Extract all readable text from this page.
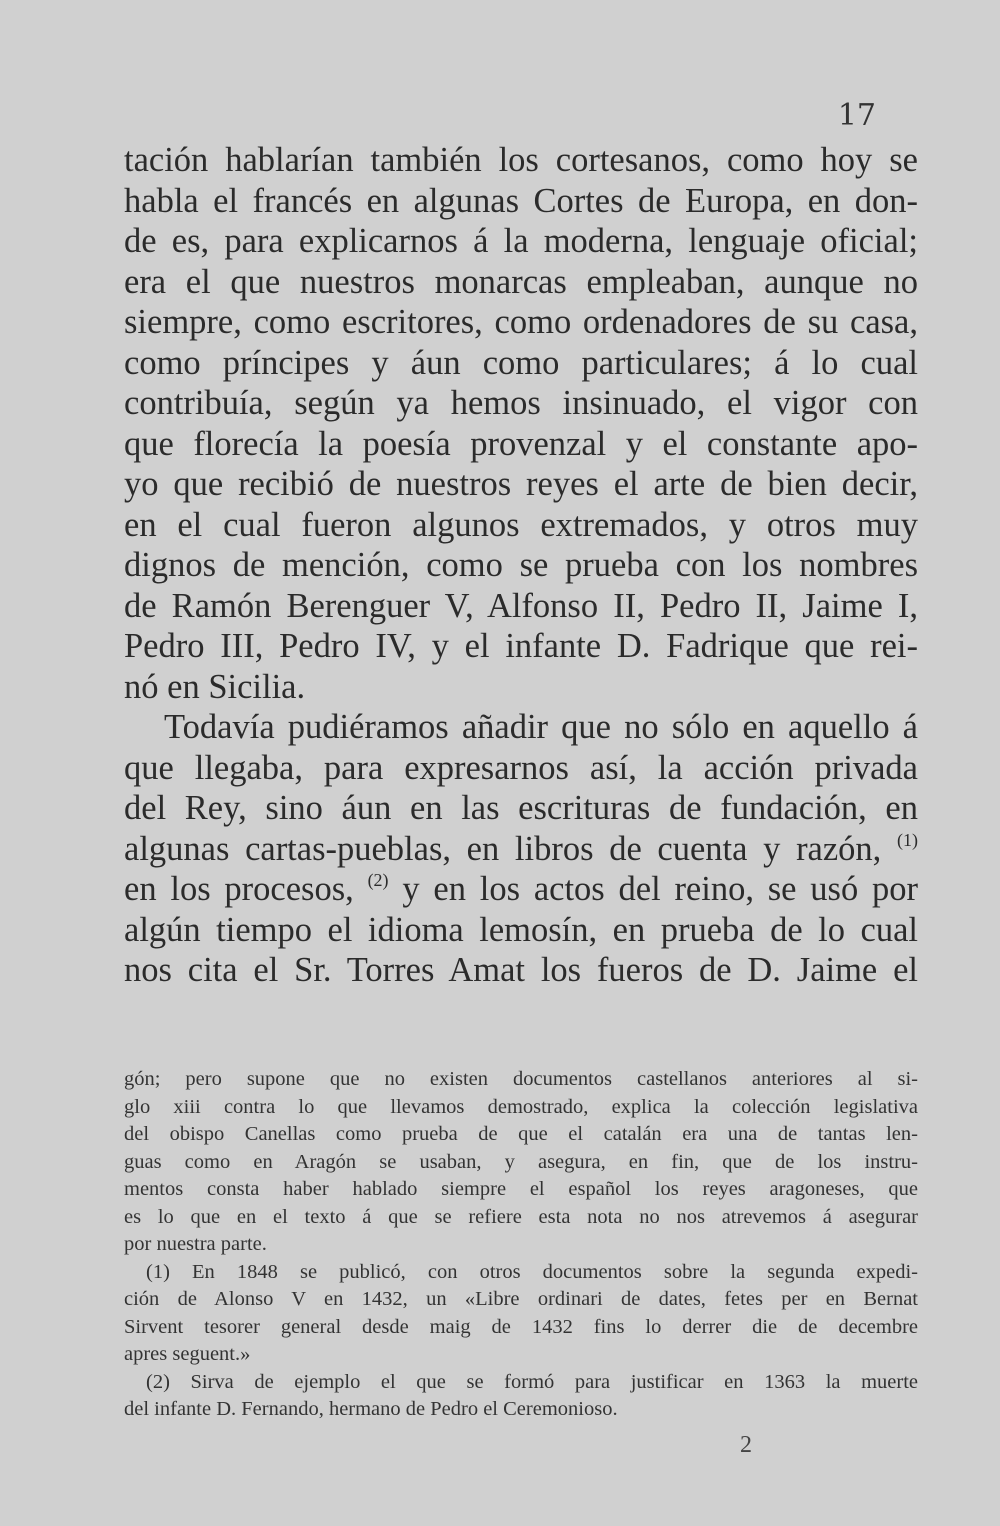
17
tación hablarían también los cortesanos, como hoy se
habla el francés en algunas Cortes de Europa, en don-
de es, para explicarnos á la moderna, lenguaje oficial;
era el que nuestros monarcas empleaban, aunque no
siempre, como escritores, como ordenadores de su casa,
como príncipes y áun como particulares; á lo cual
contribuía, según ya hemos insinuado, el vigor con
que florecía la poesía provenzal y el constante apo-
yo que recibió de nuestros reyes el arte de bien decir,
en el cual fueron algunos extremados, y otros muy
dignos de mención, como se prueba con los nombres
de Ramón Berenguer V, Alfonso II, Pedro II, Jaime I,
Pedro III, Pedro IV, y el infante D. Fadrique que rei-
nó en Sicilia.
Todavía pudiéramos añadir que no sólo en aquello á
que llegaba, para expresarnos así, la acción privada
del Rey, sino áun en las escrituras de fundación, en
algunas cartas-pueblas, en libros de cuenta y razón, $^{(1)}$
en los procesos, $^{(2)}$ y en los actos del reino, se usó por
algún tiempo el idioma lemosín, en prueba de lo cual
nos cita el Sr. Torres Amat los fueros de D. Jaime el
gón; pero supone que no existen documentos castellanos anteriores al si-
glo xiii contra lo que llevamos demostrado, explica la colección legislativa
del obispo Canellas como prueba de que el catalán era una de tantas len-
guas como en Aragón se usaban, y asegura, en fin, que de los instru-
mentos consta haber hablado siempre el español los reyes aragoneses, que
es lo que en el texto á que se refiere esta nota no nos atrevemos á asegurar
por nuestra parte.
(1) En 1848 se publicó, con otros documentos sobre la segunda expedi-
ción de Alonso V en 1432, un «Libre ordinari de dates, fetes per en Bernat
Sirvent tesorer general desde maig de 1432 fins lo derrer die de decembre
apres seguent.»
(2) Sirva de ejemplo el que se formó para justificar en 1363 la muerte
del infante D. Fernando, hermano de Pedro el Ceremonioso.
2
